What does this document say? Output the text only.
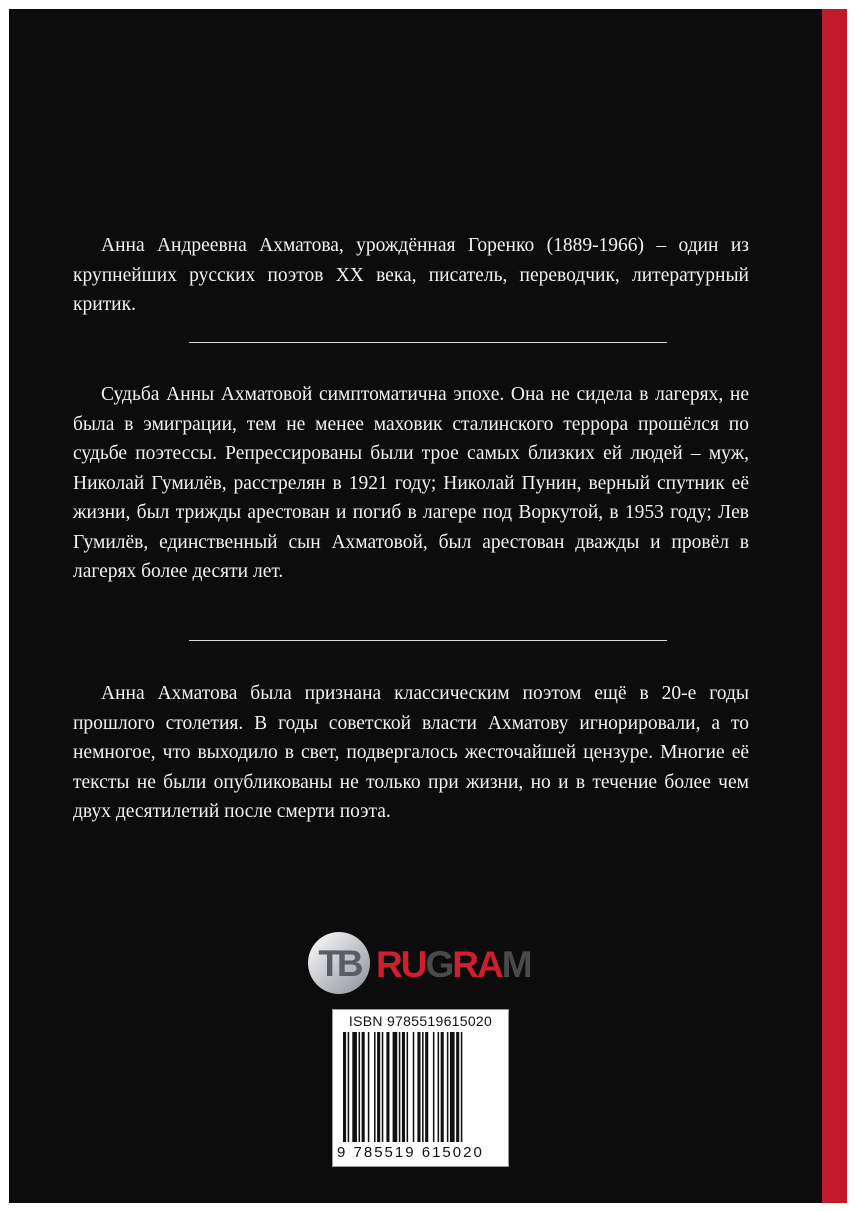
Анна Андреевна Ахматова, урождённая Горенко (1889-1966) – один из крупнейших русских поэтов XX века, писатель, переводчик, литературный критик.

Судьба Анны Ахматовой симптоматична эпохе. Она не сидела в лагерях, не была в эмиграции, тем не менее маховик сталинского террора прошёлся по судьбе поэтессы. Репрессированы были трое самых близких ей людей – муж, Николай Гумилёв, расстрелян в 1921 году; Николай Пунин, верный спутник её жизни, был трижды арестован и погиб в лагере под Воркутой, в 1953 году; Лев Гумилёв, единственный сын Ахматовой, был арестован дважды и провёл в лагерях более десяти лет.

Анна Ахматова была признана классическим поэтом ещё в 20-е годы прошлого столетия. В годы советской власти Ахматову игнорировали, а то немногое, что выходило в свет, подвергалось жесточайшей цензуре. Многие её тексты не были опубликованы не только при жизни, но и в течение более чем двух десятилетий после смерти поэта.

TB RUGRAM
ISBN 9785519615020
9 785519 615020
